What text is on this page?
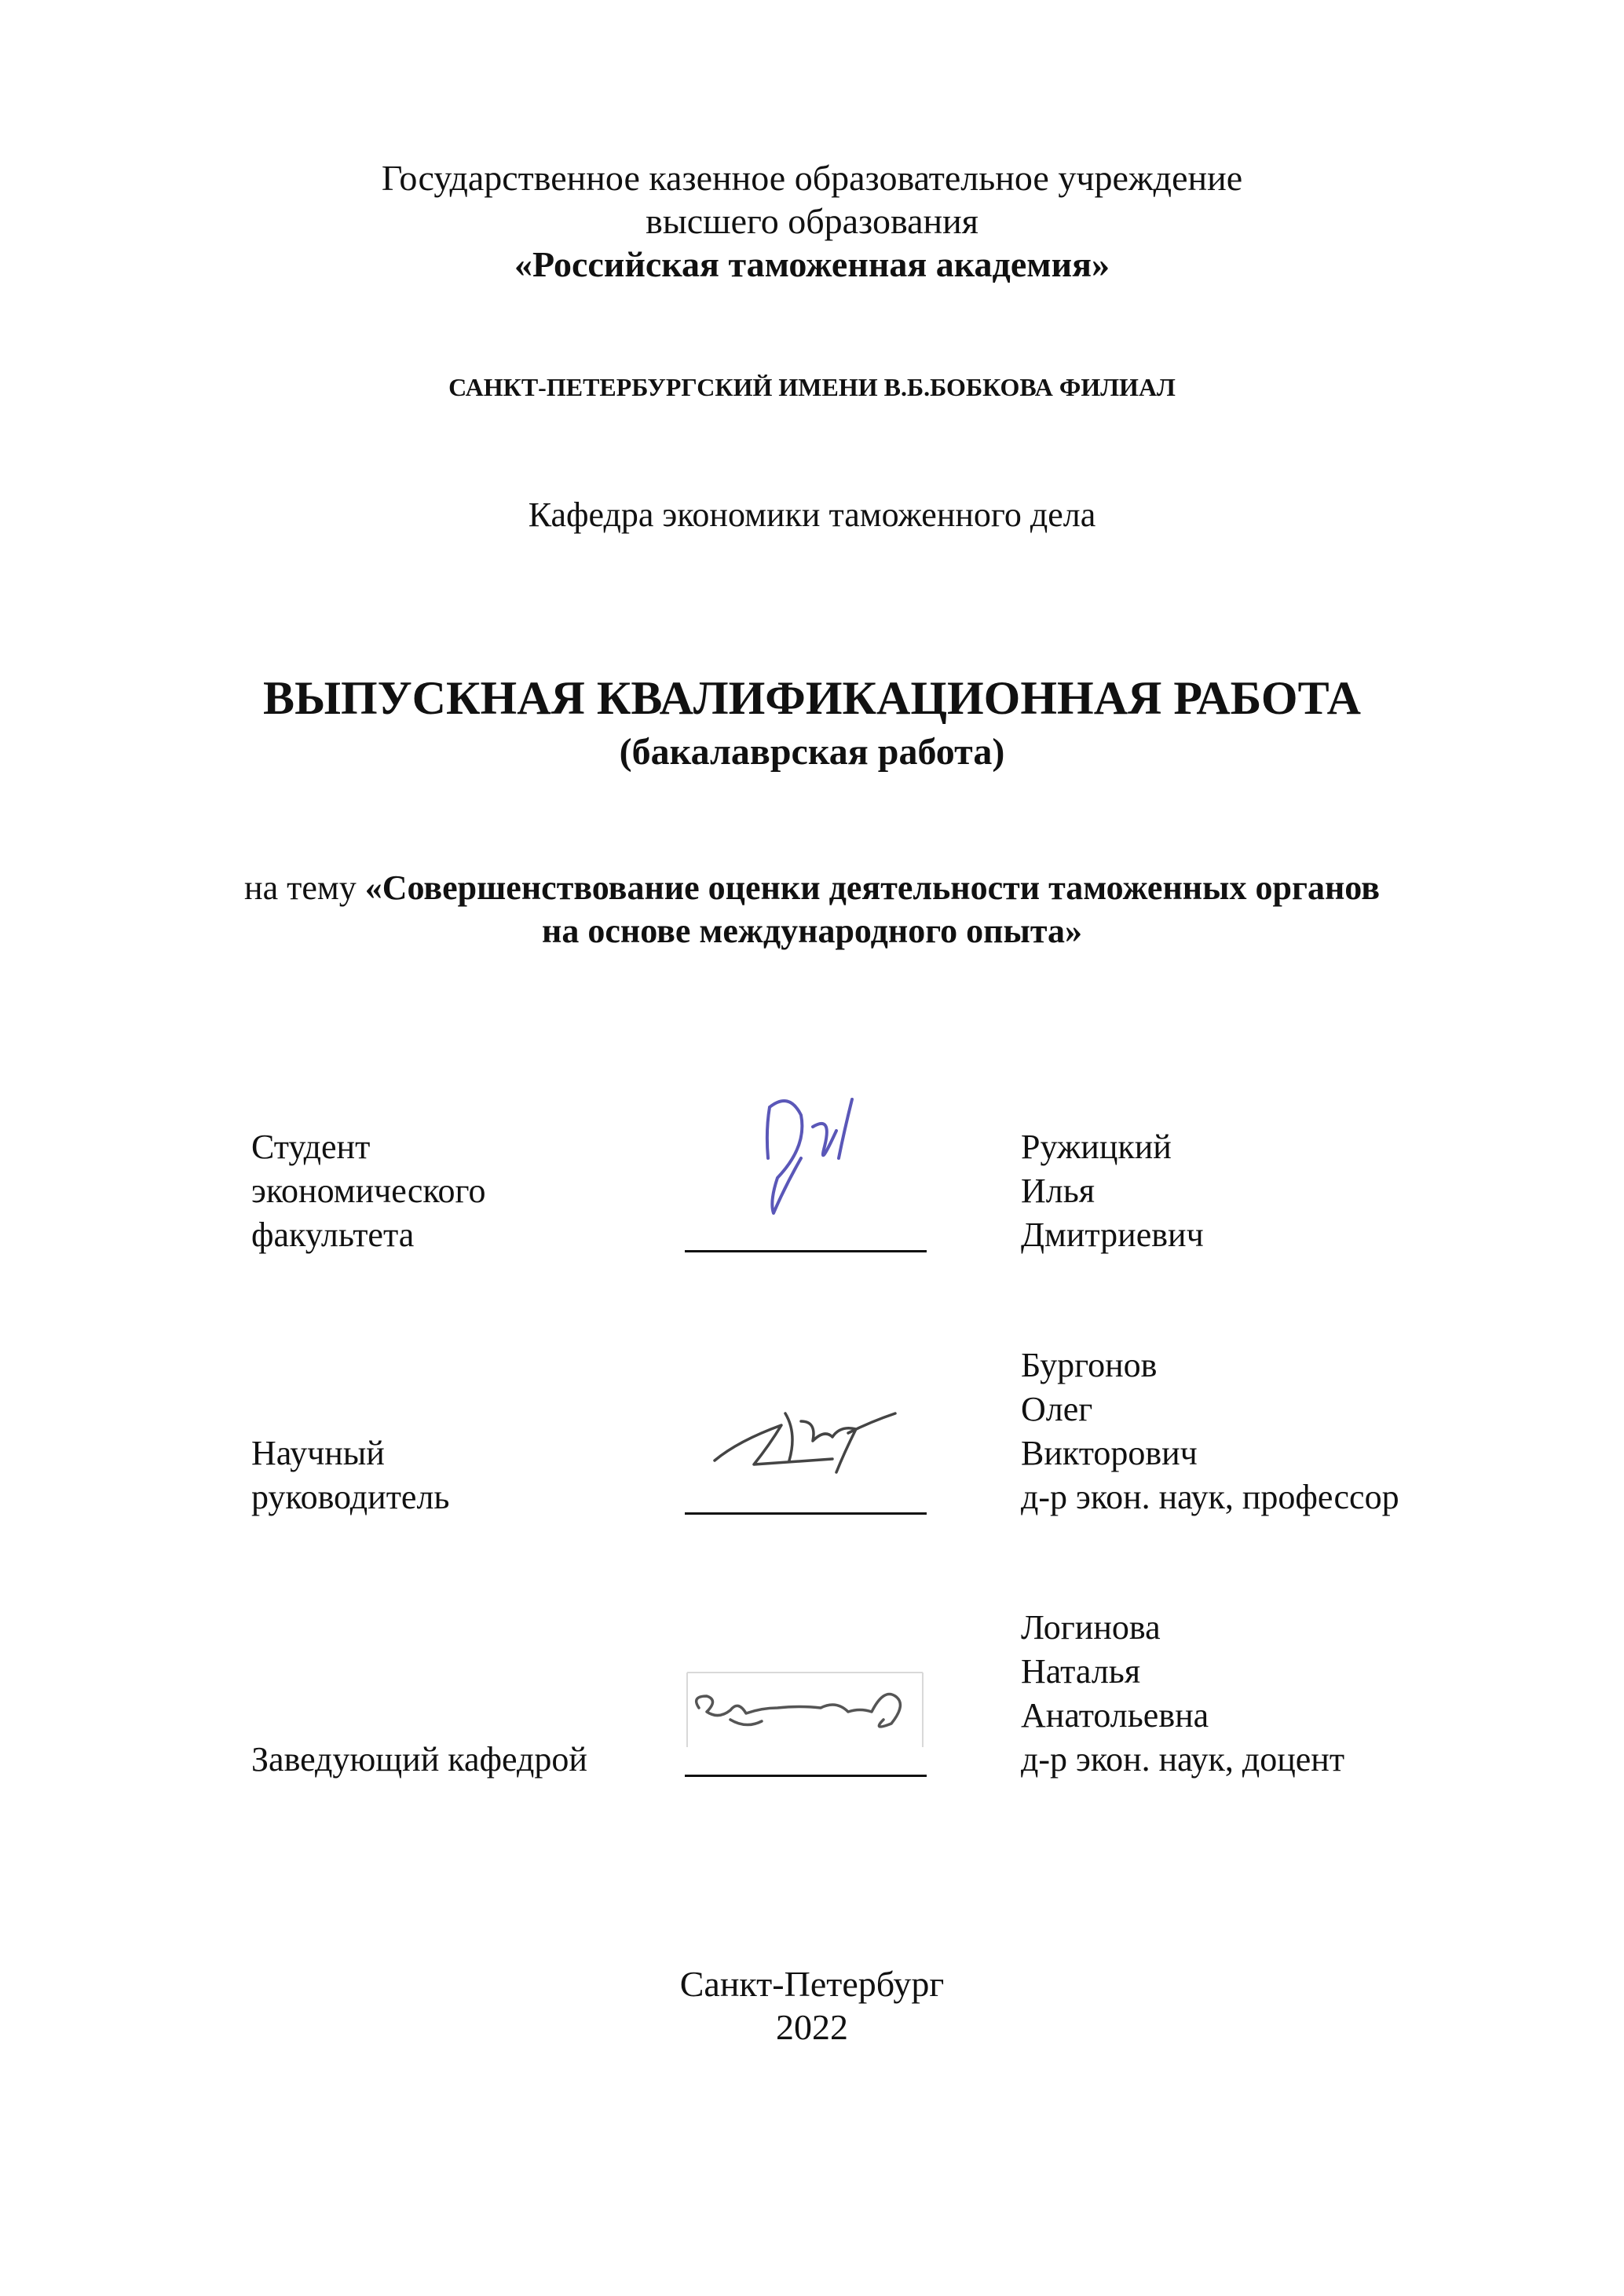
Государственное казенное образовательное учреждение
высшего образования
«Российская таможенная академия»
САНКТ-ПЕТЕРБУРГСКИЙ ИМЕНИ В.Б.БОБКОВА ФИЛИАЛ
Кафедра экономики таможенного дела
ВЫПУСКНАЯ КВАЛИФИКАЦИОННАЯ РАБОТА
(бакалаврская работа)
на тему «Совершенствование оценки деятельности таможенных органов
на основе международного опыта»
Студент
экономического
факультета
Ружицкий
Илья
Дмитриевич
Научный
руководитель
Бургонов
Олег
Викторович
д-р экон. наук, профессор
Заведующий кафедрой
Логинова
Наталья
Анатольевна
д-р экон. наук, доцент
Санкт-Петербург
2022
